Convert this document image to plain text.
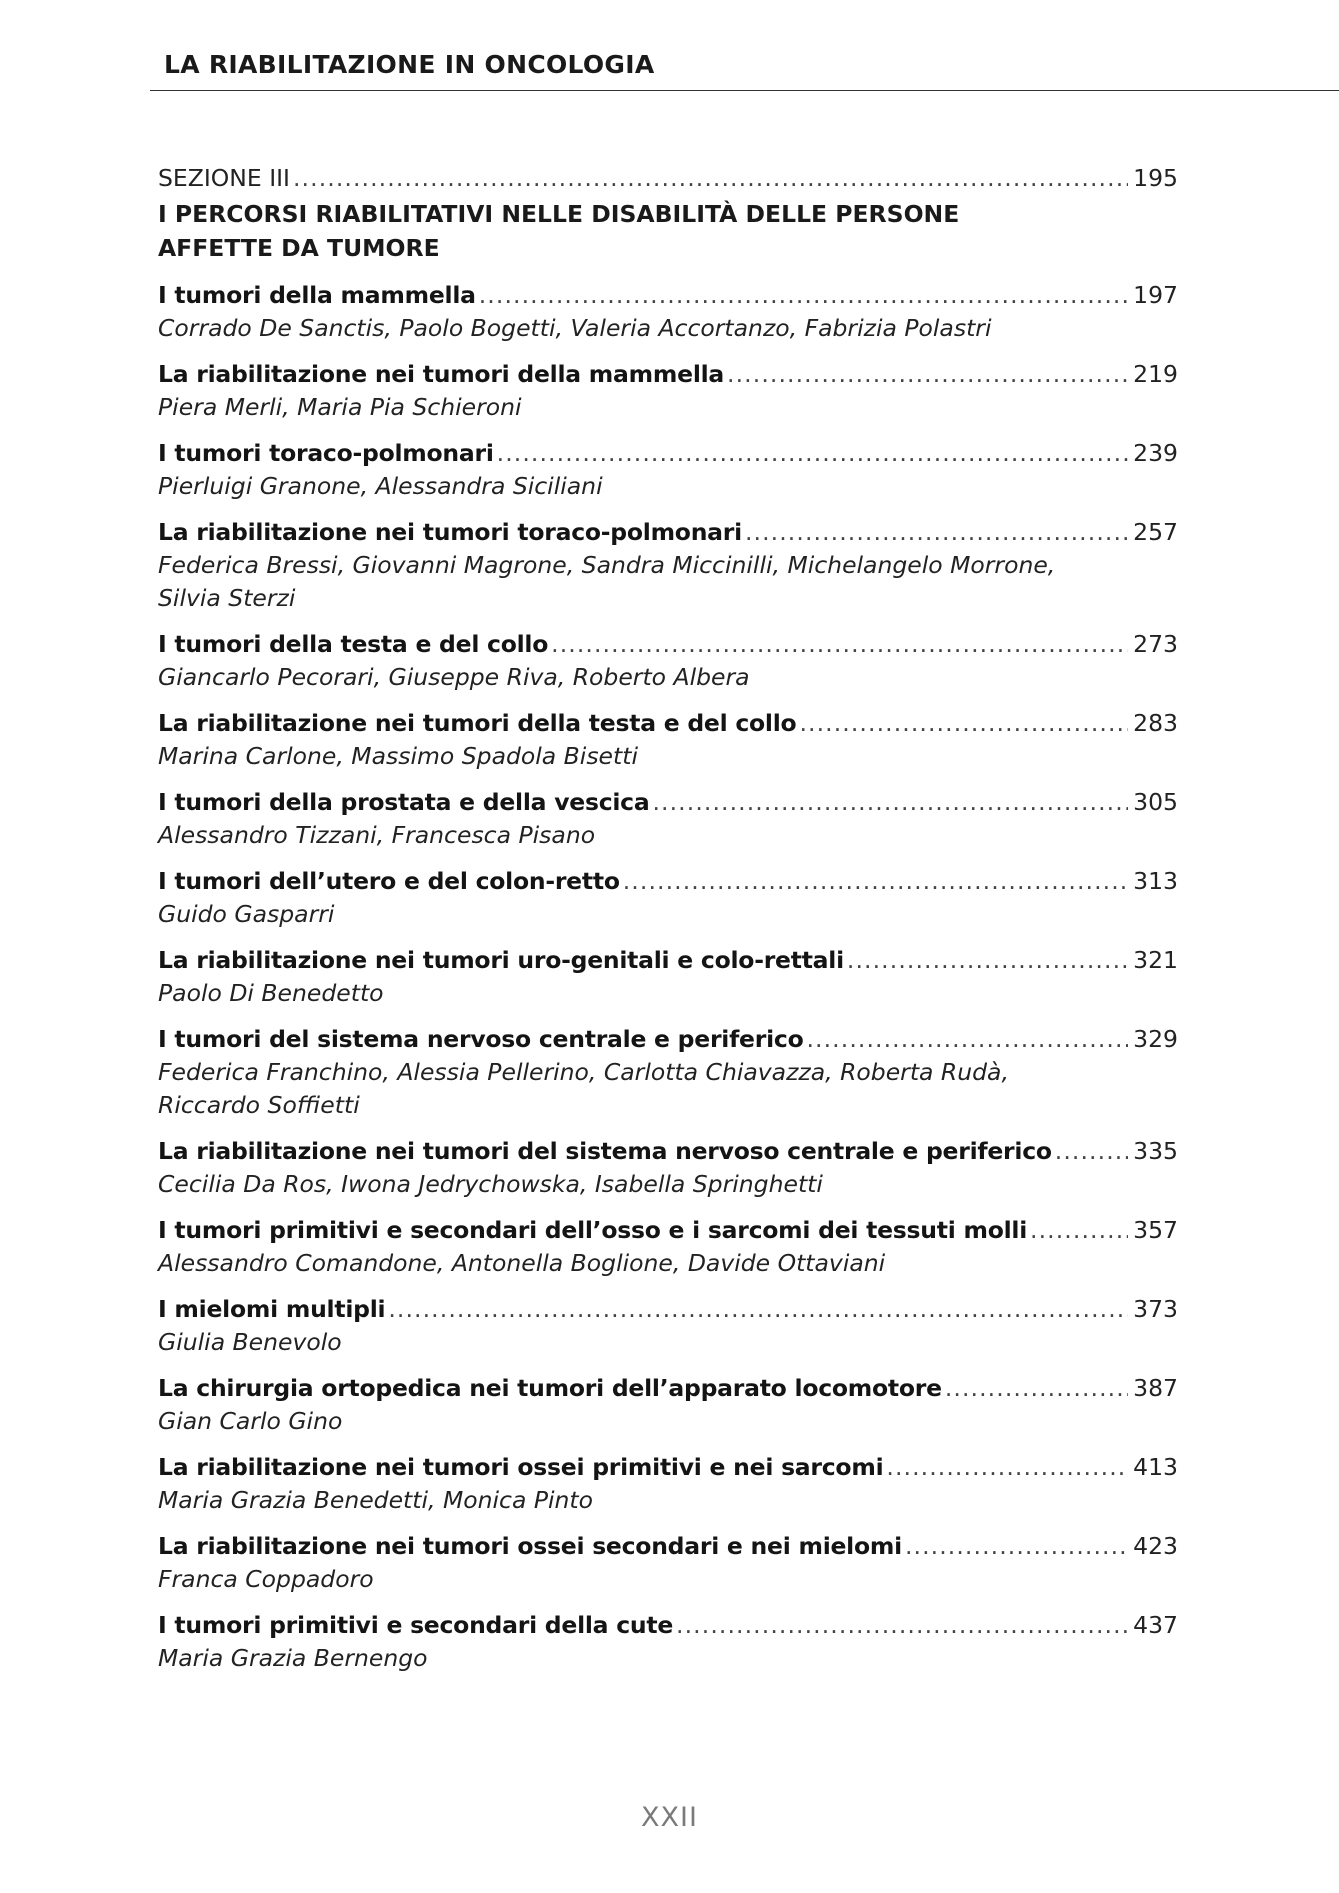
LA RIABILITAZIONE IN ONCOLOGIA
SEZIONE III .....	195
I PERCORSI RIABILITATIVI NELLE DISABILITÀ DELLE PERSONE AFFETTE DA TUMORE
I tumori della mammella .....	197
Corrado De Sanctis, Paolo Bogetti, Valeria Accortanzo, Fabrizia Polastri
La riabilitazione nei tumori della mammella .....	219
Piera Merli, Maria Pia Schieroni
I tumori toraco-polmonari .....	239
Pierluigi Granone, Alessandra Siciliani
La riabilitazione nei tumori toraco-polmonari .....	257
Federica Bressi, Giovanni Magrone, Sandra Miccinilli, Michelangelo Morrone, Silvia Sterzi
I tumori della testa e del collo .....	273
Giancarlo Pecorari, Giuseppe Riva, Roberto Albera
La riabilitazione nei tumori della testa e del collo .....	283
Marina Carlone, Massimo Spadola Bisetti
I tumori della prostata e della vescica .....	305
Alessandro Tizzani, Francesca Pisano
I tumori dell’utero e del colon-retto .....	313
Guido Gasparri
La riabilitazione nei tumori uro-genitali e colo-rettali .....	321
Paolo Di Benedetto
I tumori del sistema nervoso centrale e periferico .....	329
Federica Franchino, Alessia Pellerino, Carlotta Chiavazza, Roberta Rudà, Riccardo Soffietti
La riabilitazione nei tumori del sistema nervoso centrale e periferico .....	335
Cecilia Da Ros, Iwona Jedrychowska, Isabella Springhetti
I tumori primitivi e secondari dell’osso e i sarcomi dei tessuti molli .....	357
Alessandro Comandone, Antonella Boglione, Davide Ottaviani
I mielomi multipli .....	373
Giulia Benevolo
La chirurgia ortopedica nei tumori dell’apparato locomotore .....	387
Gian Carlo Gino
La riabilitazione nei tumori ossei primitivi e nei sarcomi .....	413
Maria Grazia Benedetti, Monica Pinto
La riabilitazione nei tumori ossei secondari e nei mielomi .....	423
Franca Coppadoro
I tumori primitivi e secondari della cute .....	437
Maria Grazia Bernengo
XXII
